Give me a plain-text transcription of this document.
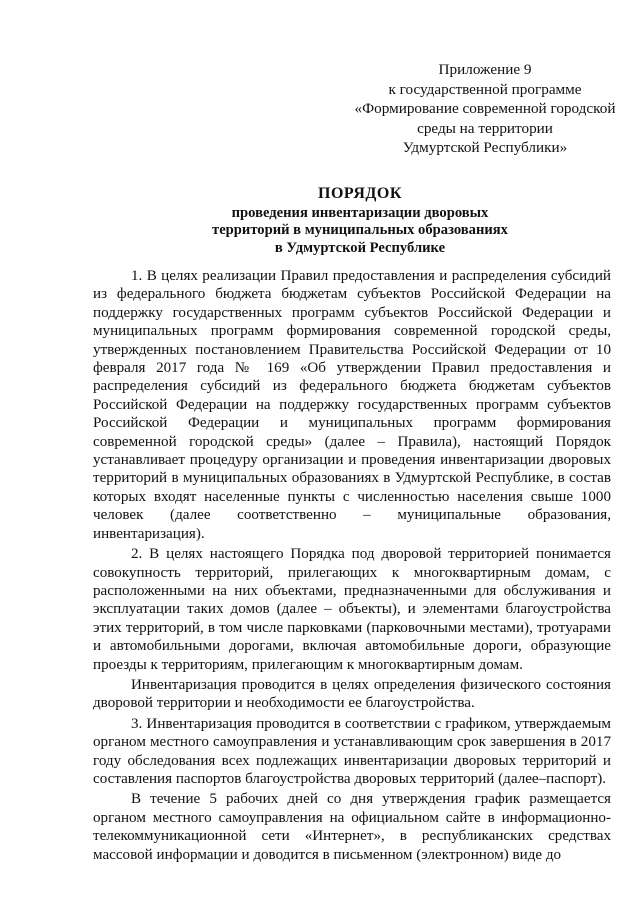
Приложение 9
к государственной программе
«Формирование современной городской
среды на территории
Удмуртской Республики»
ПОРЯДОК
проведения инвентаризации дворовых
территорий в муниципальных образованиях
в Удмуртской Республике

1. В целях реализации Правил предоставления и распределения субсидий из федерального бюджета бюджетам субъектов Российской Федерации на поддержку государственных программ субъектов Российской Федерации и муниципальных программ формирования современной городской среды, утвержденных постановлением Правительства Российской Федерации от 10 февраля 2017 года № 169 «Об утверждении Правил предоставления и распределения субсидий из федерального бюджета бюджетам субъектов Российской Федерации на поддержку государственных программ субъектов Российской Федерации и муниципальных программ формирования современной городской среды» (далее – Правила), настоящий Порядок устанавливает процедуру организации и проведения инвентаризации дворовых территорий в муниципальных образованиях в Удмуртской Республике, в состав которых входят населенные пункты с численностью населения свыше 1000 человек (далее соответственно – муниципальные образования, инвентаризация).

2. В целях настоящего Порядка под дворовой территорией понимается совокупность территорий, прилегающих к многоквартирным домам, с расположенными на них объектами, предназначенными для обслуживания и эксплуатации таких домов (далее – объекты), и элементами благоустройства этих территорий, в том числе парковками (парковочными местами), тротуарами и автомобильными дорогами, включая автомобильные дороги, образующие проезды к территориям, прилегающим к многоквартирным домам.

Инвентаризация проводится в целях определения физического состояния дворовой территории и необходимости ее благоустройства.

3. Инвентаризация проводится в соответствии с графиком, утверждаемым органом местного самоуправления и устанавливающим срок завершения в 2017 году обследования всех подлежащих инвентаризации дворовых территорий и составления паспортов благоустройства дворовых территорий (далее–паспорт).

В течение 5 рабочих дней со дня утверждения график размещается органом местного самоуправления на официальном сайте в информационно-телекоммуникационной сети «Интернет», в республиканских средствах массовой информации и доводится в письменном (электронном) виде до
